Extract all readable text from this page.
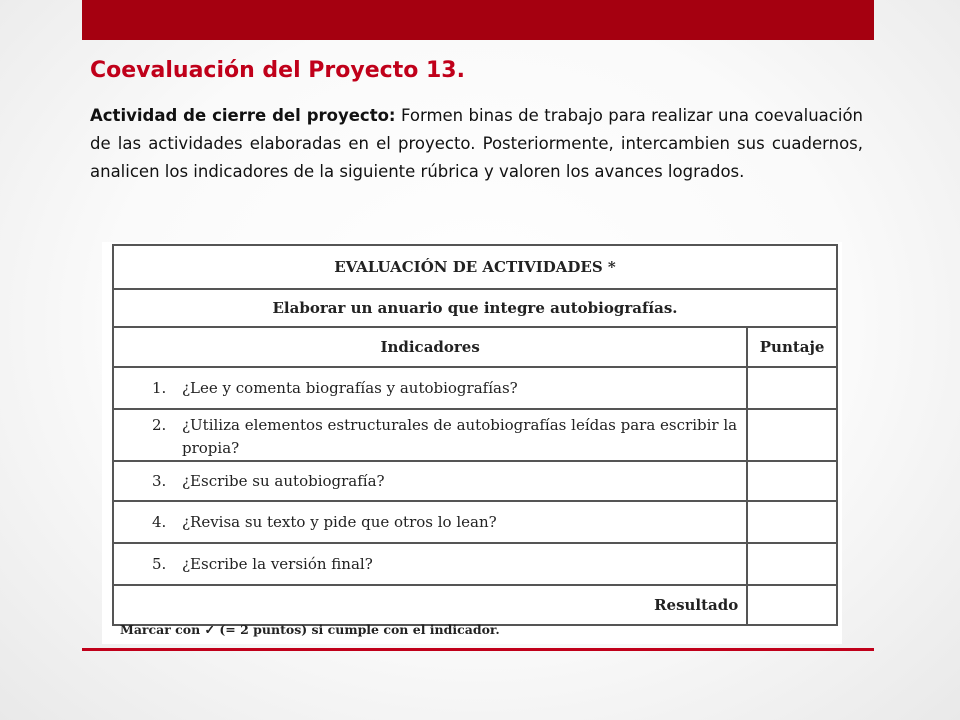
Coevaluación del Proyecto 13.

Actividad de cierre del proyecto: Formen binas de trabajo para realizar una coevaluación de las actividades elaboradas en el proyecto. Posteriormente, intercambien sus cuadernos, analicen los indicadores de la siguiente rúbrica y valoren los avances logrados.

EVALUACIÓN DE ACTIVIDADES *	
Elaborar un anuario que integre autobiografías.	
Indicadores	Puntaje

1. ¿Lee y comenta biografías y autobiografías?	

2. ¿Utiliza elementos estructurales de autobiografías leídas para escribir la propia?	

3. ¿Escribe su autobiografía?	

4. ¿Revisa su texto y pide que otros lo lean?	

5. ¿Escribe la versión final?	

Resultado	
Marcar con ✓ (= 2 puntos) si cumple con el indicador.
